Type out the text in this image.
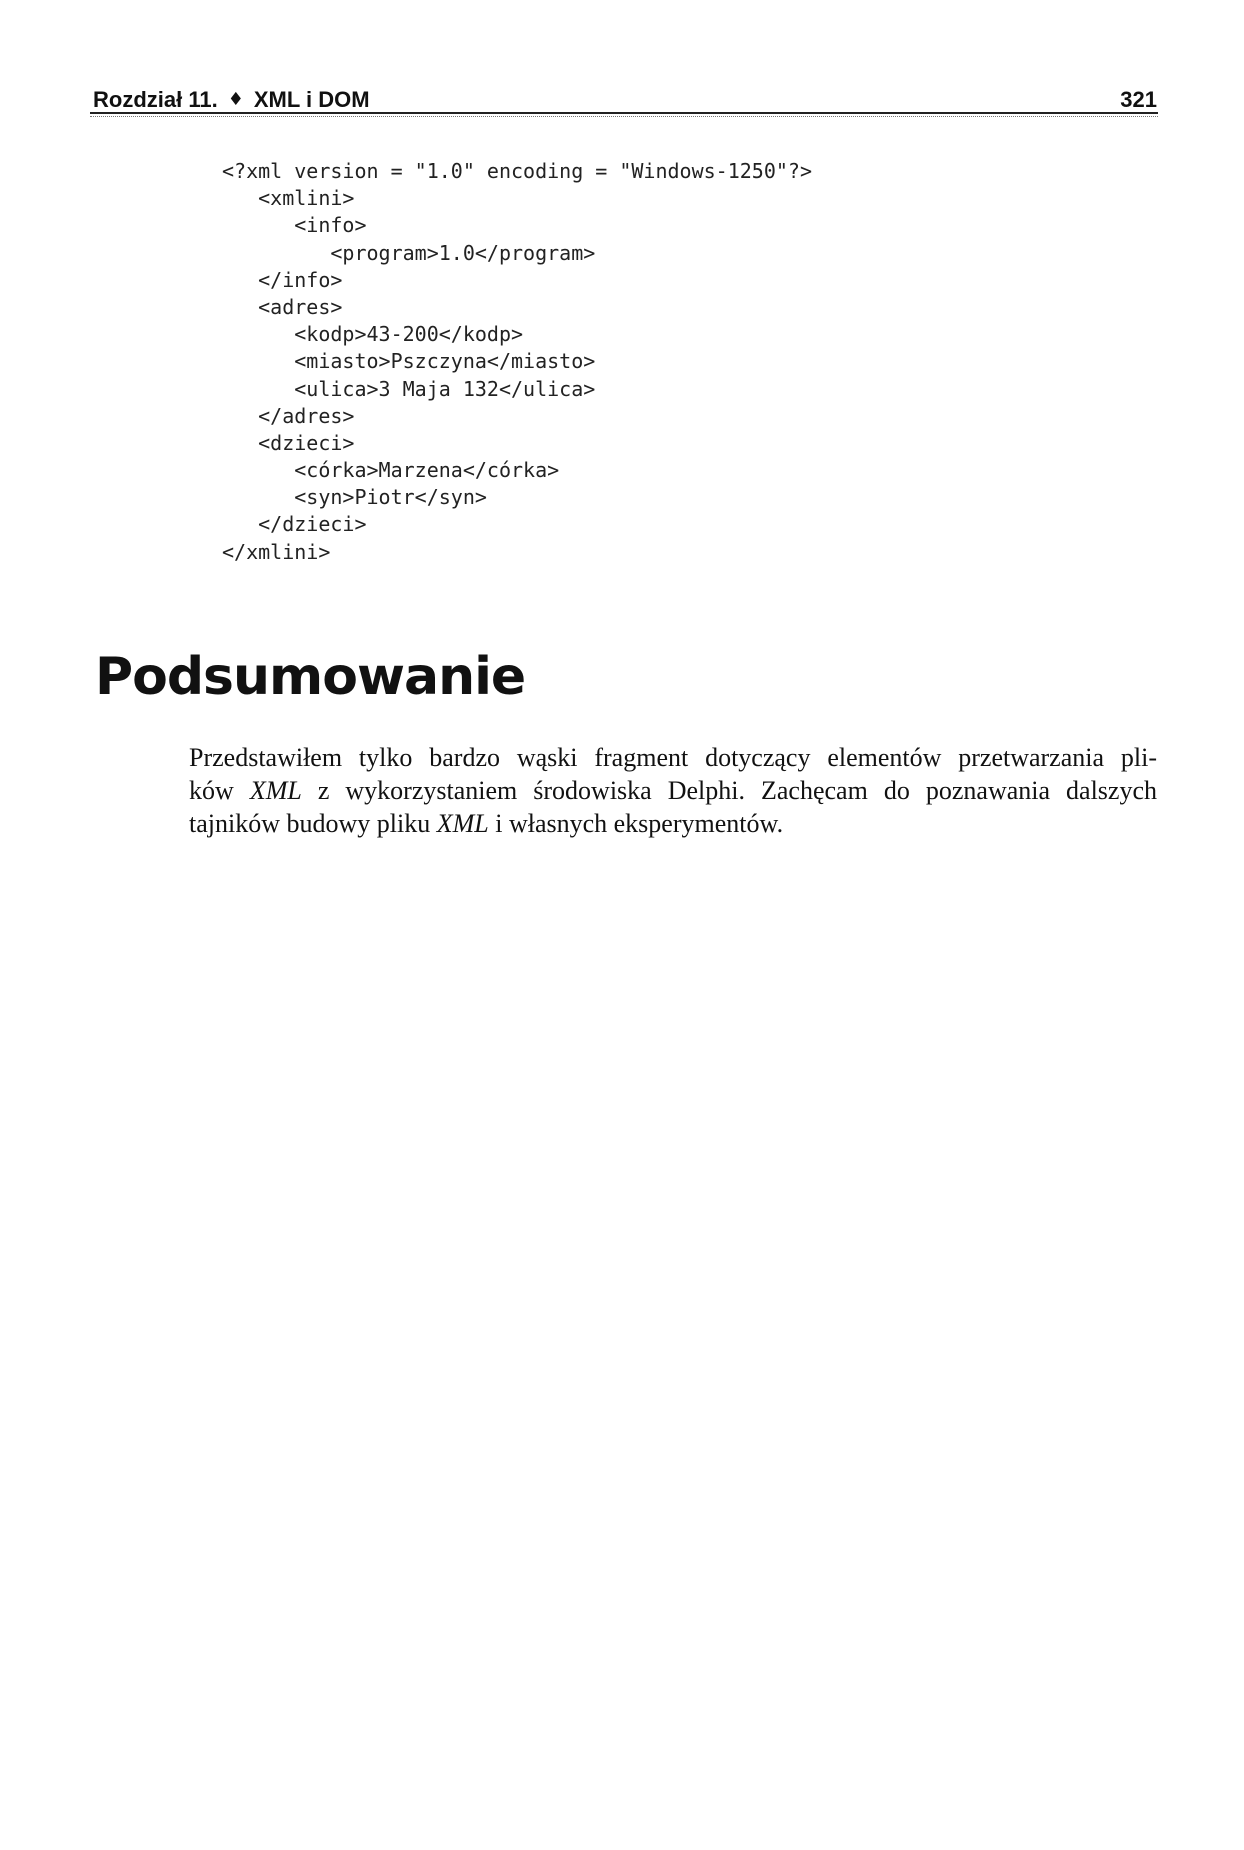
Rozdział 11. ♦ XML i DOM	321
<?xml version = "1.0" encoding = "Windows-1250"?>
<xmlini>
<info>
<program>1.0</program>
</info>
<adres>
<kodp>43-200</kodp>
<miasto>Pszczyna</miasto>
<ulica>3 Maja 132</ulica>
</adres>
<dzieci>
<córka>Marzena</córka>
<syn>Piotr</syn>
</dzieci>
</xmlini>
Podsumowanie

Przedstawiłem tylko bardzo wąski fragment dotyczący elementów przetwarzania pli-
ków XML z wykorzystaniem środowiska Delphi. Zachęcam do poznawania dalszych
tajników budowy pliku XML i własnych eksperymentów.
